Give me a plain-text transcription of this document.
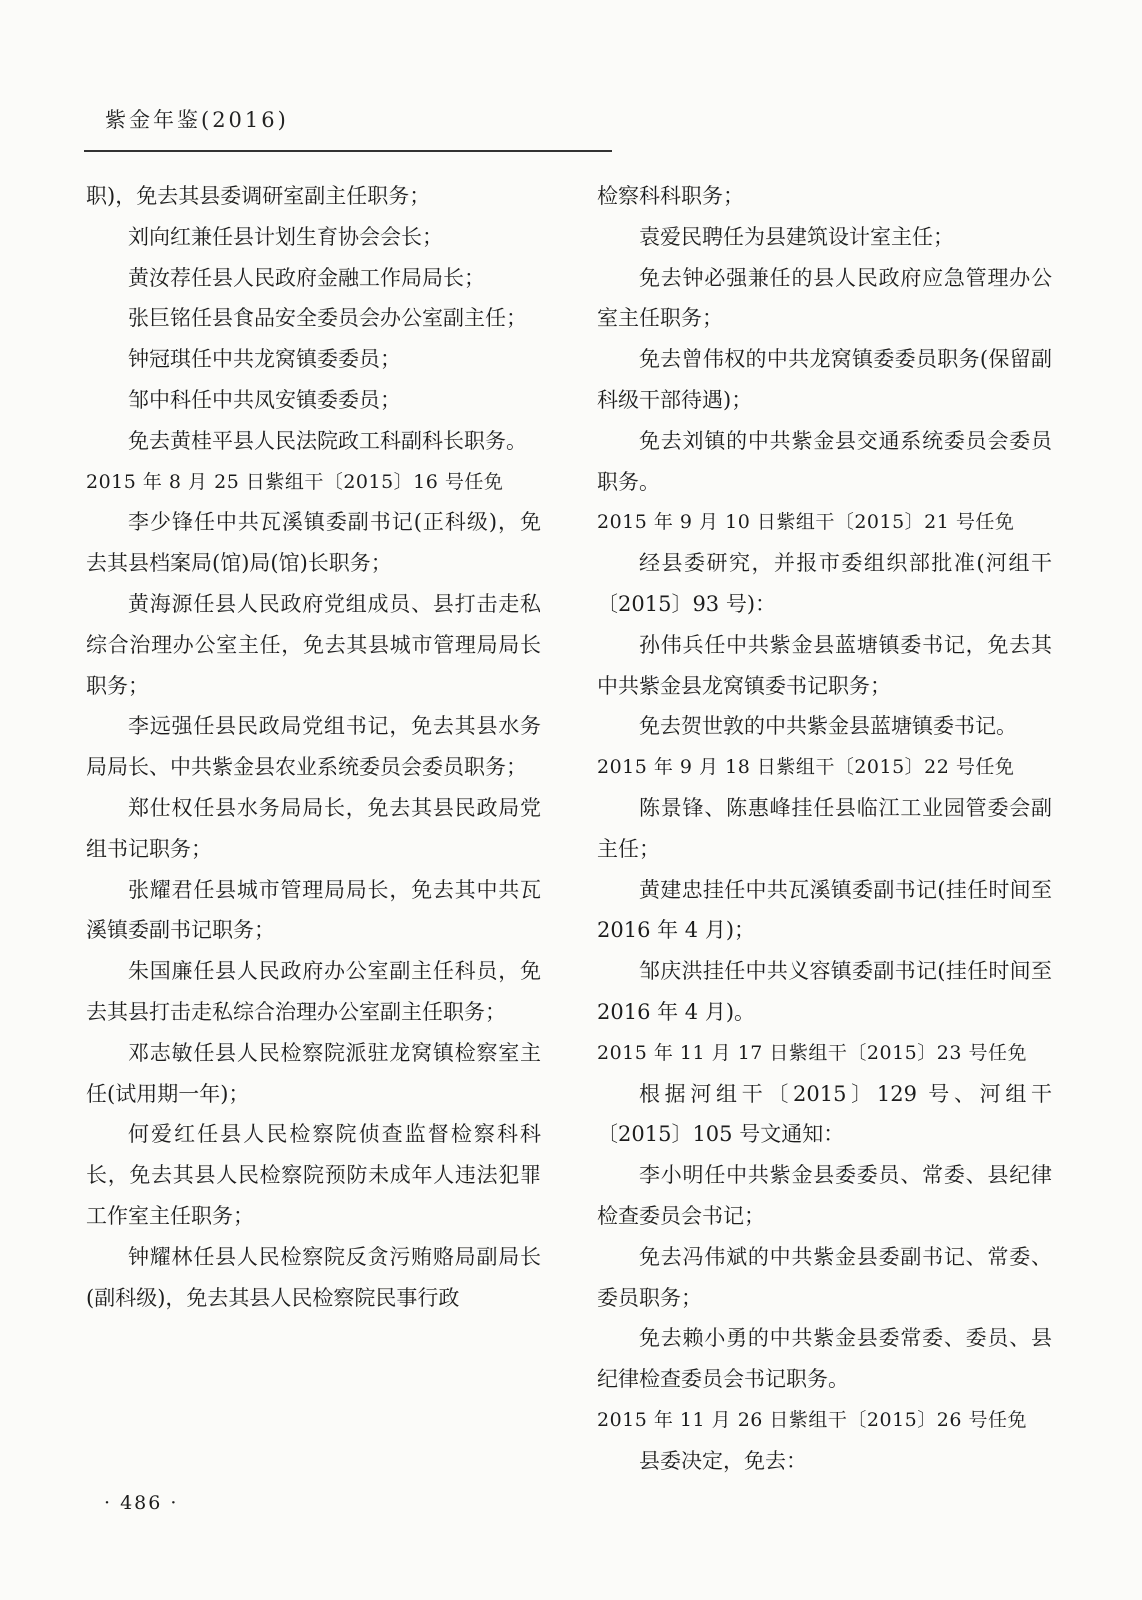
紫金年鉴(2016)

职)，免去其县委调研室副主任职务；

刘向红兼任县计划生育协会会长；

黄汝荐任县人民政府金融工作局局长；

张巨铭任县食品安全委员会办公室副主任；

钟冠琪任中共龙窝镇委委员；

邹中科任中共凤安镇委委员；

免去黄桂平县人民法院政工科副科长职务。

2015 年 8 月 25 日紫组干〔2015〕16 号任免

李少锋任中共瓦溪镇委副书记(正科级)，免去其县档案局(馆)局(馆)长职务；

黄海源任县人民政府党组成员、县打击走私综合治理办公室主任，免去其县城市管理局局长职务；

李远强任县民政局党组书记，免去其县水务局局长、中共紫金县农业系统委员会委员职务；

郑仕权任县水务局局长，免去其县民政局党组书记职务；

张耀君任县城市管理局局长，免去其中共瓦溪镇委副书记职务；

朱国廉任县人民政府办公室副主任科员，免去其县打击走私综合治理办公室副主任职务；

邓志敏任县人民检察院派驻龙窝镇检察室主任(试用期一年)；

何爱红任县人民检察院侦查监督检察科科长，免去其县人民检察院预防未成年人违法犯罪工作室主任职务；

钟耀林任县人民检察院反贪污贿赂局副局长(副科级)，免去其县人民检察院民事行政

检察科科职务；

袁爱民聘任为县建筑设计室主任；

免去钟必强兼任的县人民政府应急管理办公室主任职务；

免去曾伟权的中共龙窝镇委委员职务(保留副科级干部待遇)；

免去刘镇的中共紫金县交通系统委员会委员职务。

2015 年 9 月 10 日紫组干〔2015〕21 号任免

经县委研究，并报市委组织部批准(河组干〔2015〕93 号)：

孙伟兵任中共紫金县蓝塘镇委书记，免去其中共紫金县龙窝镇委书记职务；

免去贺世敦的中共紫金县蓝塘镇委书记。

2015 年 9 月 18 日紫组干〔2015〕22 号任免

陈景锋、陈惠峰挂任县临江工业园管委会副主任；

黄建忠挂任中共瓦溪镇委副书记(挂任时间至 2016 年 4 月)；

邹庆洪挂任中共义容镇委副书记(挂任时间至 2016 年 4 月)。

2015 年 11 月 17 日紫组干〔2015〕23 号任免

根据河组干〔2015〕129 号、河组干〔2015〕105 号文通知：

李小明任中共紫金县委委员、常委、县纪律检查委员会书记；

免去冯伟斌的中共紫金县委副书记、常委、委员职务；

免去赖小勇的中共紫金县委常委、委员、县纪律检查委员会书记职务。

2015 年 11 月 26 日紫组干〔2015〕26 号任免

县委决定，免去：

· 486 ·
